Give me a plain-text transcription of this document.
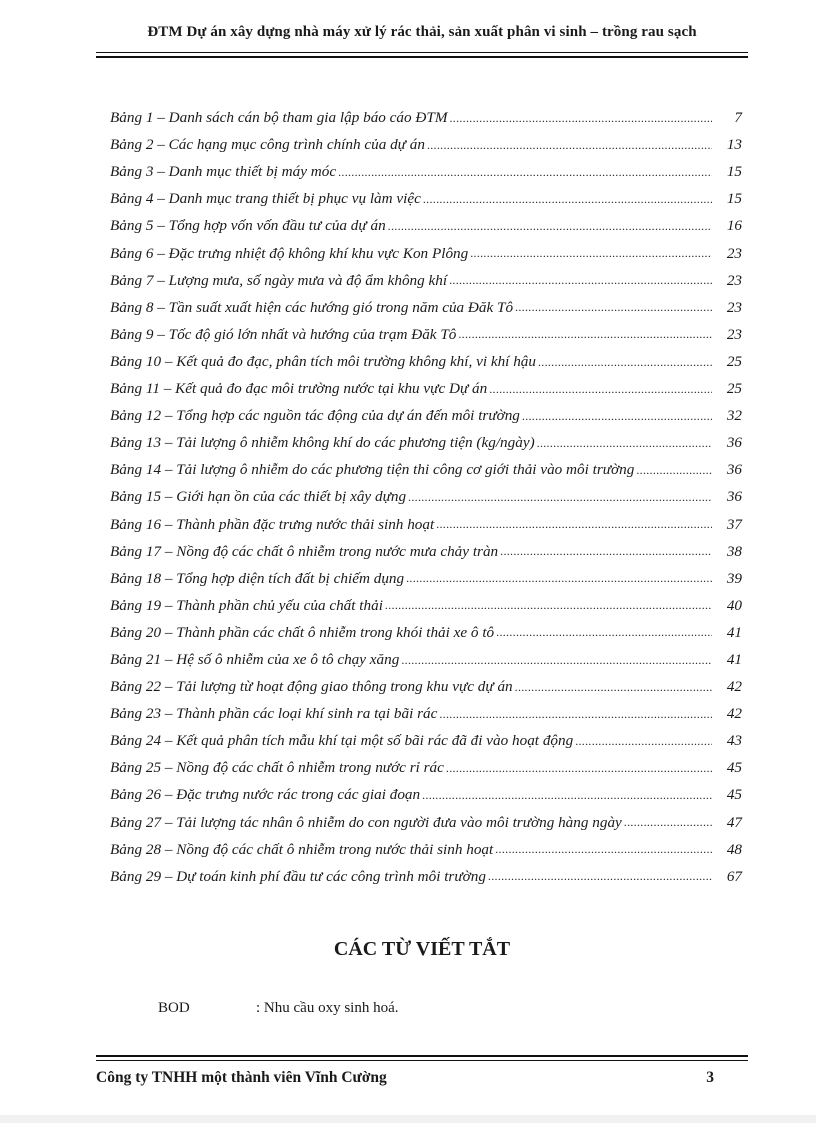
ĐTM Dự án xây dựng nhà máy xử lý rác thải, sản xuất phân vi sinh – trồng rau sạch
Bảng 1 – Danh sách cán bộ tham gia lập báo cáo ĐTM .....	7
Bảng 2 – Các hạng mục công trình chính của dự án .....	13
Bảng 3 – Danh mục thiết bị máy móc .....	15
Bảng 4 – Danh mục trang thiết bị phục vụ làm việc .....	15
Bảng 5 – Tổng hợp vốn vốn đầu tư của dự án .....	16
Bảng 6 – Đặc trưng nhiệt độ không khí khu vực Kon Plông .....	23
Bảng 7 – Lượng mưa, số ngày mưa và độ ẩm không khí .....	23
Bảng 8 – Tần suất xuất hiện các hướng gió trong năm của Đăk Tô .....	23
Bảng 9 – Tốc độ gió lớn nhất và hướng của trạm Đăk Tô .....	23
Bảng 10 – Kết quả đo đạc, phân tích môi trường không khí, vi khí hậu .....	25
Bảng 11 – Kết quả đo đạc môi trường nước tại khu vực Dự án .....	25
Bảng 12 – Tổng hợp các nguồn tác động của dự án đến môi trường .....	32
Bảng 13 – Tải lượng ô nhiễm không khí do các phương tiện (kg/ngày) .....	36
Bảng 14 – Tải lượng ô nhiễm do các phương tiện thi công cơ giới thải vào môi trường .....	36
Bảng 15 – Giới hạn ồn của các thiết bị xây dựng .....	36
Bảng 16 – Thành phần đặc trưng nước thải sinh hoạt .....	37
Bảng 17 – Nồng độ các chất ô nhiễm trong nước mưa chảy tràn .....	38
Bảng 18 – Tổng hợp diện tích đất bị chiếm dụng .....	39
Bảng 19 – Thành phần chủ yếu của chất thải .....	40
Bảng 20 – Thành phần các chất ô nhiễm trong khói thải xe ô tô .....	41
Bảng 21 – Hệ số ô nhiễm của xe ô tô chạy xăng .....	41
Bảng 22 – Tải lượng từ hoạt động giao thông trong khu vực dự án .....	42
Bảng 23 – Thành phần các loại khí sinh ra tại bãi rác .....	42
Bảng 24 – Kết quả phân tích mẫu khí tại một số bãi rác đã đi vào hoạt động .....	43
Bảng 25 – Nồng độ các chất ô nhiễm trong nước rỉ rác .....	45
Bảng 26 – Đặc trưng nước rác trong các giai đoạn .....	45
Bảng 27 – Tải lượng tác nhân ô nhiễm do con người đưa vào môi trường hàng ngày .....	47
Bảng 28 – Nồng độ các chất ô nhiễm trong nước thải sinh hoạt .....	48
Bảng 29 – Dự toán kinh phí đầu tư các công trình môi trường .....	67
CÁC TỪ VIẾT TẮT
BOD	: Nhu cầu oxy sinh hoá.
Công ty TNHH một thành viên Vĩnh Cường	3
